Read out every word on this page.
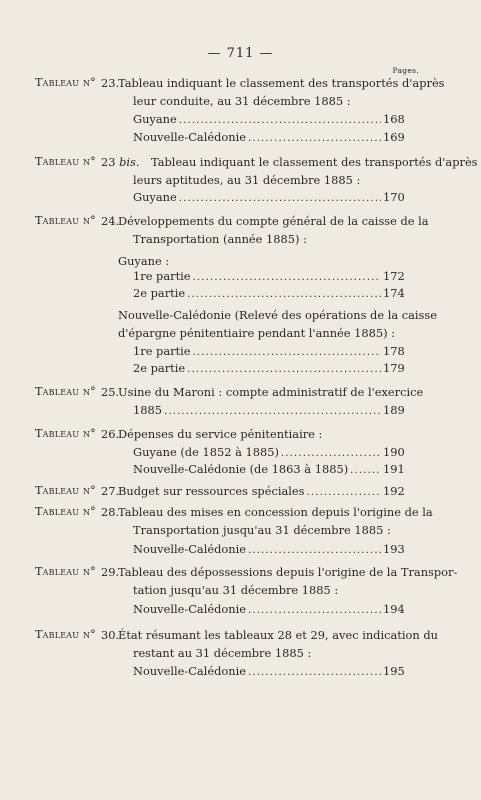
— 711 —
Pages.
Tableau n° 23.
Tableau indiquant le classement des transportés d'après
leur conduite, au 31 décembre 1885 :
Guyane . . .	168
Nouvelle-Calédonie . . .	169
Tableau n° 23 bis. Tableau indiquant le classement des transportés d'après
leurs aptitudes, au 31 décembre 1885 :
Guyane . . .	170
Tableau n° 24.
Développements du compte général de la caisse de la
Transportation (année 1885) :
Guyane :
1re partie . . .	172
2e partie . . .	174
Nouvelle-Calédonie (Relevé des opérations de la caisse
d'épargne pénitentiaire pendant l'année 1885) :
1re partie . . .	178
2e partie . . .	179
Tableau n° 25.
Usine du Maroni : compte administratif de l'exercice
1885 . . .	189
Tableau n° 26.
Dépenses du service pénitentiaire :
Guyane (de 1852 à 1885) . . .	190
Nouvelle-Calédonie (de 1863 à 1885) . . .	191
Tableau n° 27.
Budget sur ressources spéciales . . .	192
Tableau n° 28.
Tableau des mises en concession depuis l'origine de la
Transportation jusqu'au 31 décembre 1885 :
Nouvelle-Calédonie . . .	193
Tableau n° 29.
Tableau des dépossessions depuis l'origine de la Transpor-
tation jusqu'au 31 décembre 1885 :
Nouvelle-Calédonie . . .	194
Tableau n° 30.
État résumant les tableaux 28 et 29, avec indication du
restant au 31 décembre 1885 :
Nouvelle-Calédonie . . .	195
